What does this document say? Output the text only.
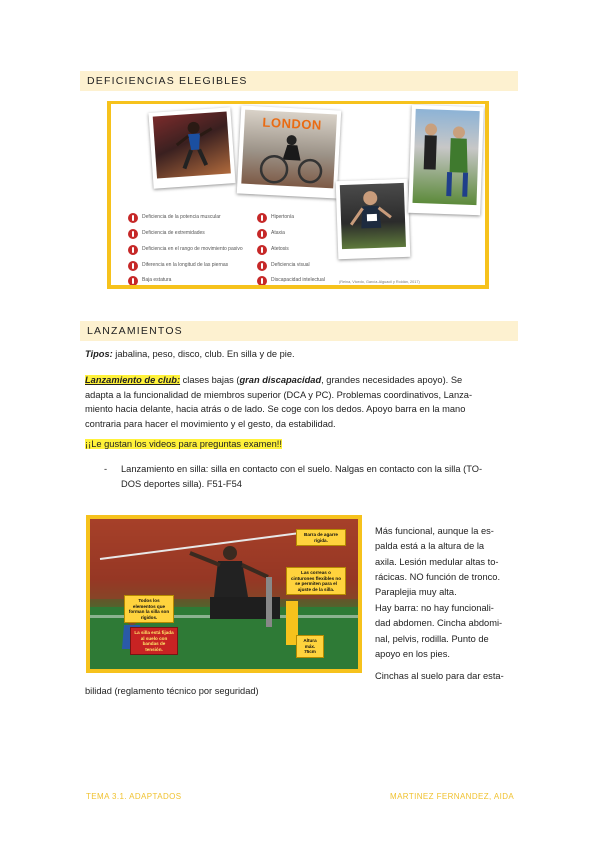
DEFICIENCIAS ELEGIBLES
LONDON
Deficiencia de la potencia muscular
Deficiencia de extremidades
Deficiencia en el rango de movimiento pasivo
Diferencia en la longitud de las piernas
Baja estatura
Hipertonía
Ataxia
Atetosis
Deficiencia visual
Discapacidad intelectual	(Reina, Vicedo, García-Alguacil y Roldán, 2017)
LANZAMIENTOS
Tipos: jabalina, peso, disco, club. En silla y de pie.
Lanzamiento de club: clases bajas (gran discapacidad, grandes necesidades apoyo). Se
adapta a la funcionalidad de miembros superior (DCA y PC). Problemas coordinativos, Lanza-
miento hacia delante, hacia atrás o de lado. Se coge con los dedos. Apoyo barra en la mano
contraria para hacer el movimiento y el gesto, da estabilidad.
¡¡Le gustan los videos para preguntas examen!!
- Lanzamiento en silla: silla en contacto con el suelo. Nalgas en contacto con la silla (TO-
DOS deportes silla). F51-F54
Barra de agarre rígida.
Las correas o cinturones flexibles no se permiten para el ajuste de la silla.
Todos los elementos que forman la silla son rígidos.
La silla está fijada al suelo con bandas de tensión.
Altura máx. 75cm
Más funcional, aunque la es-
palda está a la altura de la
axila. Lesión medular altas to-
rácicas. NO función de tronco.
Paraplejia muy alta.
Hay barra: no hay funcionali-
dad abdomen. Cincha abdomi-
nal, pelvis, rodilla. Punto de
apoyo en los pies.
Cinchas al suelo para dar esta-
bilidad (reglamento técnico por seguridad)
TEMA 3.1. ADAPTADOS	MARTINEZ FERNANDEZ, AIDA
